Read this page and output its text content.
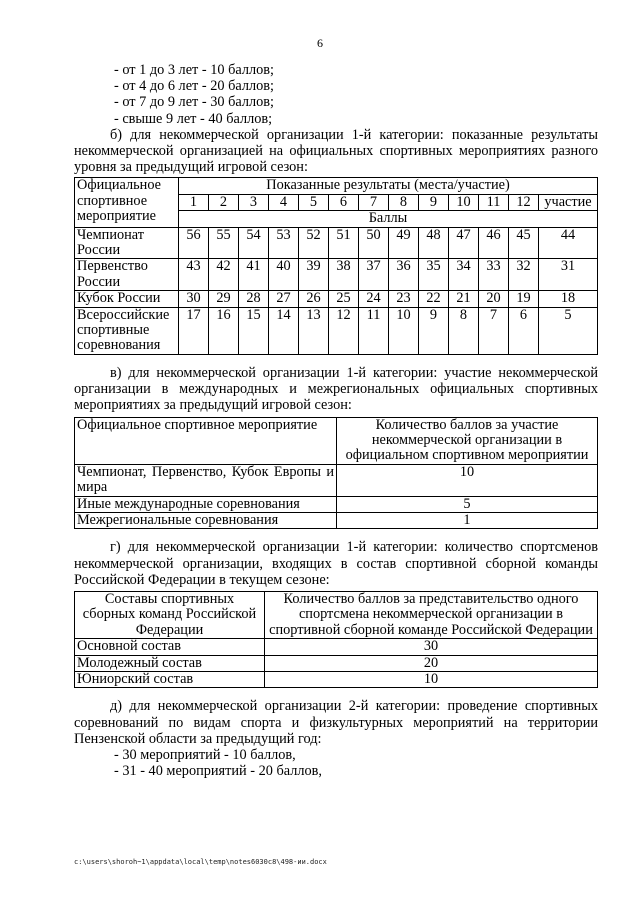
6

- от 1 до 3 лет - 10 баллов;

- от 4 до 6 лет - 20 баллов;

- от 7 до 9 лет - 30 баллов;

- свыше 9 лет - 40 баллов;

б) для некоммерческой организации 1-й категории: показанные результаты некоммерческой организацией на официальных спортивных мероприятиях разного уровня за предыдущий игровой сезон:

Официальное спортивное мероприятие	Показанные результаты (места/участие)												
	1	2	3	4	5	6	7	8	9	10	11	12	участие
	Баллы												
Чемпионат России	56	55	54	53	52	51	50	49	48	47	46	45	44
Первенство России	43	42	41	40	39	38	37	36	35	34	33	32	31
Кубок России	30	29	28	27	26	25	24	23	22	21	20	19	18
Всероссийские спортивные соревнования	17	16	15	14	13	12	11	10	9	8	7	6	5

в) для некоммерческой организации 1-й категории: участие некоммерческой организации в международных и межрегиональных официальных спортивных мероприятиях за предыдущий игровой сезон:

Официальное спортивное мероприятие	Количество баллов за участие некоммерческой организации в официальном спортивном мероприятии
Чемпионат, Первенство, Кубок Европы и мира	10
Иные международные соревнования	5
Межрегиональные соревнования	1

г) для некоммерческой организации 1-й категории: количество спортсменов некоммерческой организации, входящих в состав спортивной сборной команды Российской Федерации в текущем сезоне:

Составы спортивных сборных команд Российской Федерации	Количество баллов за представительство одного спортсмена некоммерческой организации в спортивной сборной команде Российской Федерации
Основной состав	30
Молодежный состав	20
Юниорский состав	10

д) для некоммерческой организации 2-й категории: проведение спортивных соревнований по видам спорта и физкультурных мероприятий на территории Пензенской области за предыдущий год:

- 30 мероприятий - 10 баллов,

- 31 - 40 мероприятий - 20 баллов,

c:\users\shoroh~1\appdata\local\temp\notes6030c8\498-ии.docx
